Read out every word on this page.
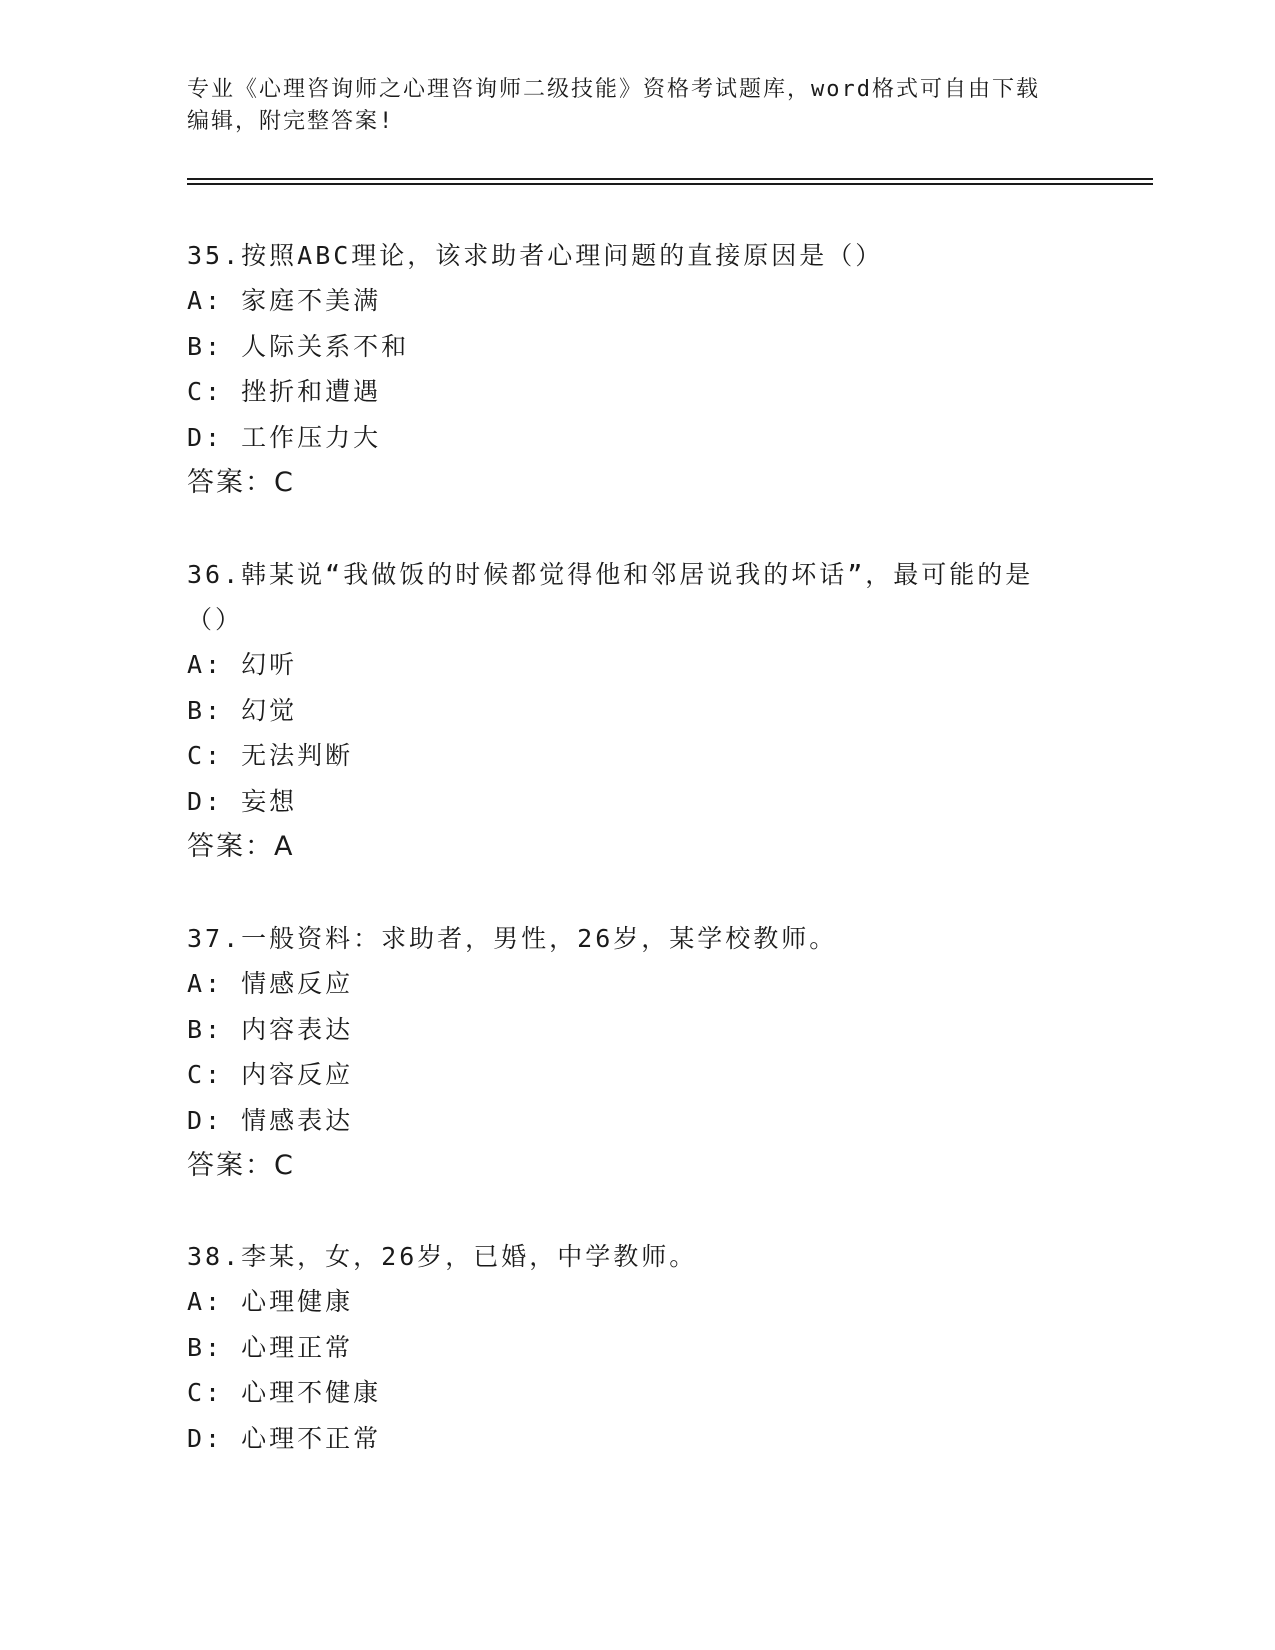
专业《心理咨询师之心理咨询师二级技能》资格考试题库，word格式可自由下载
编辑，附完整答案!
35.按照ABC理论，该求助者心理问题的直接原因是（）
A: 家庭不美满
B: 人际关系不和
C: 挫折和遭遇
D: 工作压力大
答案：C
36.韩某说“我做饭的时候都觉得他和邻居说我的坏话”，最可能的是
（）
A: 幻听
B: 幻觉
C: 无法判断
D: 妄想
答案：A
37.一般资料：求助者，男性，26岁，某学校教师。
A: 情感反应
B: 内容表达
C: 内容反应
D: 情感表达
答案：C
38.李某，女，26岁，已婚，中学教师。
A: 心理健康
B: 心理正常
C: 心理不健康
D: 心理不正常
